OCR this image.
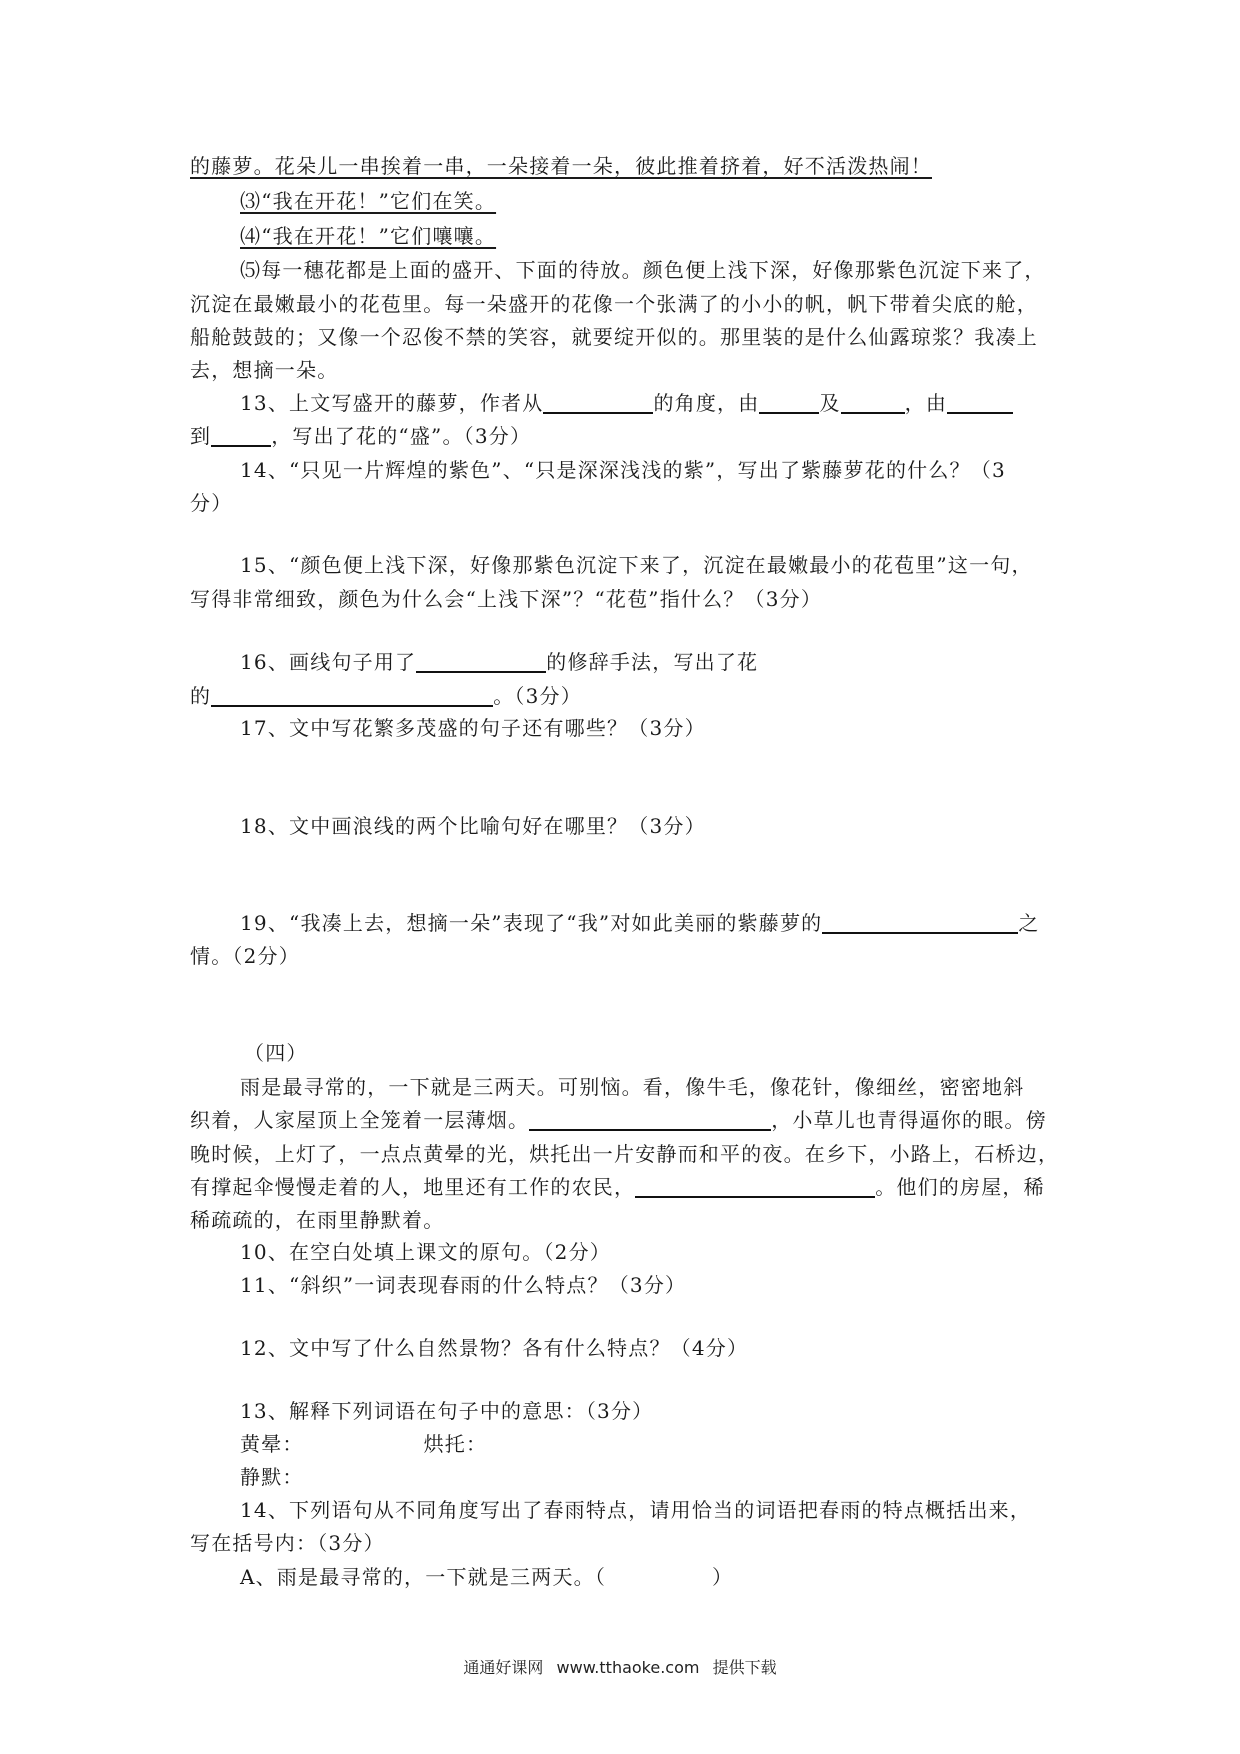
的藤萝。花朵儿一串挨着一串，一朵接着一朵，彼此推着挤着，好不活泼热闹！
⑶“我在开花！”它们在笑。
⑷“我在开花！”它们嚷嚷。
⑸每一穗花都是上面的盛开、下面的待放。颜色便上浅下深，好像那紫色沉淀下来了，
沉淀在最嫩最小的花苞里。每一朵盛开的花像一个张满了的小小的帆，帆下带着尖底的舱，
船舱鼓鼓的；又像一个忍俊不禁的笑容，就要绽开似的。那里装的是什么仙露琼浆？我凑上
去，想摘一朵。
13、上文写盛开的藤萝，作者从	的角度，由	及	，由
到	，写出了花的“盛”。（3分）
14、“只见一片辉煌的紫色”、“只是深深浅浅的紫”，写出了紫藤萝花的什么？（3
分）
15、“颜色便上浅下深，好像那紫色沉淀下来了，沉淀在最嫩最小的花苞里”这一句，
写得非常细致，颜色为什么会“上浅下深”？“花苞”指什么？（3分）
16、画线句子用了	的修辞手法，写出了花
的	。（3分）
17、文中写花繁多茂盛的句子还有哪些？（3分）
18、文中画浪线的两个比喻句好在哪里？（3分）
19、“我凑上去，想摘一朵”表现了“我”对如此美丽的紫藤萝的	之
情。（2分）
（四）
雨是最寻常的，一下就是三两天。可别恼。看，像牛毛，像花针，像细丝，密密地斜
织着，人家屋顶上全笼着一层薄烟。	，小草儿也青得逼你的眼。傍
晚时候，上灯了，一点点黄晕的光，烘托出一片安静而和平的夜。在乡下，小路上，石桥边，
有撑起伞慢慢走着的人，地里还有工作的农民，	。他们的房屋，稀
稀疏疏的，在雨里静默着。
10、在空白处填上课文的原句。（2分）
11、“斜织”一词表现春雨的什么特点？（3分）
12、文中写了什么自然景物？各有什么特点？（4分）
13、解释下列词语在句子中的意思：（3分）
黄晕：	烘托：
静默：
14、下列语句从不同角度写出了春雨特点，请用恰当的词语把春雨的特点概括出来，
写在括号内：（3分）
A、雨是最寻常的，一下就是三两天。（　　　　　）
通通好课网 www.tthaoke.com 提供下载
